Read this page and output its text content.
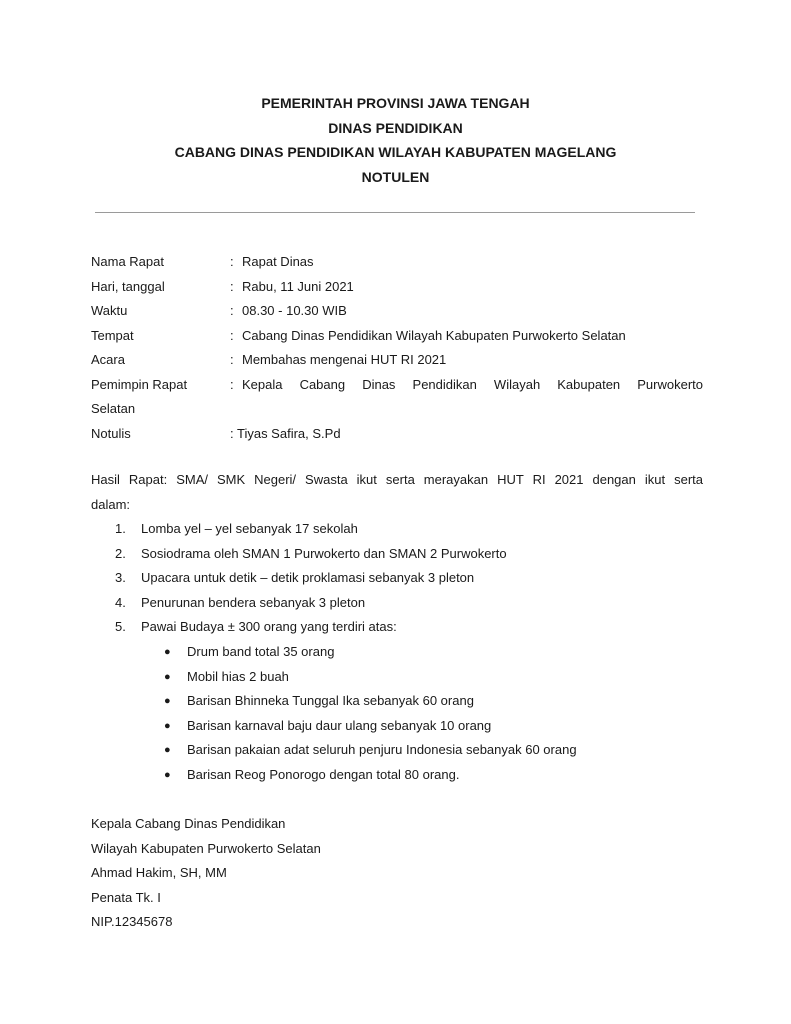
PEMERINTAH PROVINSI JAWA TENGAH

DINAS PENDIDIKAN

CABANG DINAS PENDIDIKAN WILAYAH KABUPATEN MAGELANG

NOTULEN

Nama Rapat	: Rapat Dinas
Hari, tanggal	: Rabu, 11 Juni 2021
Waktu	: 08.30 - 10.30 WIB
Tempat	: Cabang Dinas Pendidikan Wilayah Kabupaten Purwokerto Selatan
Acara	: Membahas mengenai HUT RI 2021
Pemimpin Rapat	: Kepala Cabang Dinas Pendidikan Wilayah Kabupaten Purwokerto
Selatan
Notulis	: Tiyas Safira, S.Pd
Hasil Rapat: SMA/ SMK Negeri/ Swasta ikut serta merayakan HUT RI 2021 dengan ikut serta
dalam:
1. Lomba yel – yel sebanyak 17 sekolah
2. Sosiodrama oleh SMAN 1 Purwokerto dan SMAN 2 Purwokerto
3. Upacara untuk detik – detik proklamasi sebanyak 3 pleton
4. Penurunan bendera sebanyak 3 pleton
5. Pawai Budaya ± 300 orang yang terdiri atas:
● Drum band total 35 orang
● Mobil hias 2 buah
● Barisan Bhinneka Tunggal Ika sebanyak 60 orang
● Barisan karnaval baju daur ulang sebanyak 10 orang
● Barisan pakaian adat seluruh penjuru Indonesia sebanyak 60 orang
● Barisan Reog Ponorogo dengan total 80 orang.
Kepala Cabang Dinas Pendidikan
Wilayah Kabupaten Purwokerto Selatan
Ahmad Hakim, SH, MM
Penata Tk. I
NIP.12345678
